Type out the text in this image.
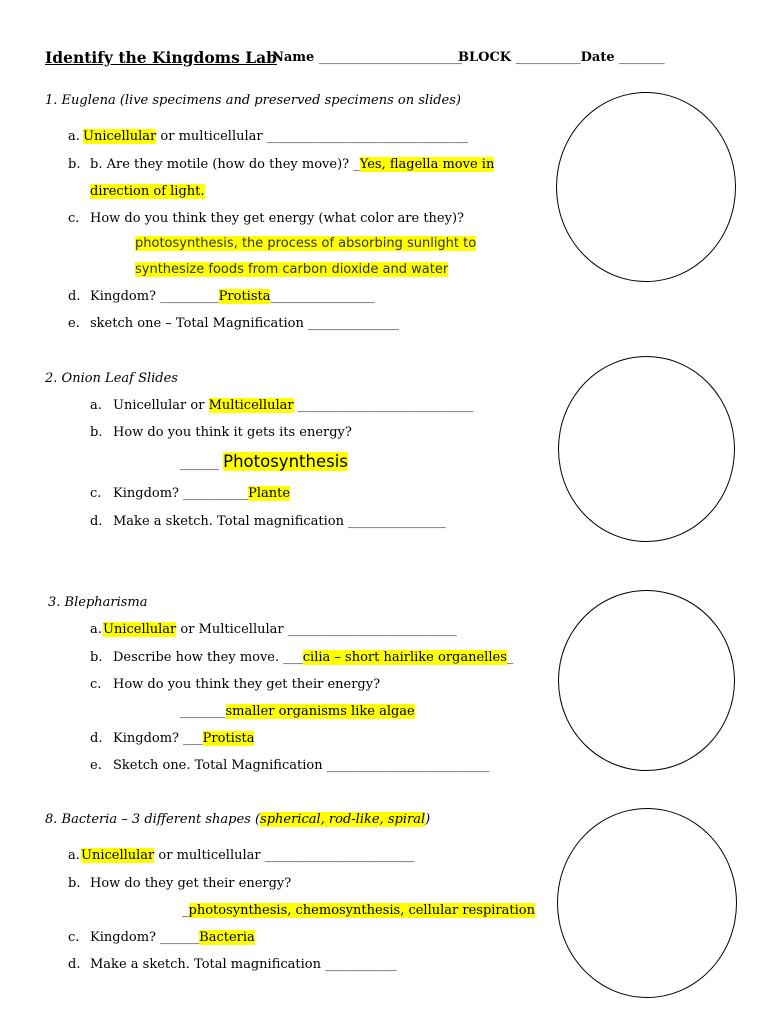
Identify the Kingdoms Lab
Name ______________________
BLOCK __________Date _______
1. Euglena (live specimens and preserved specimens on slides)
a. Unicellular or multicellular _______________________________
b. b. Are they motile (how do they move)? _Yes, flagella move in
direction of light.
c. How do you think they get energy (what color are they)?
photosynthesis, the process of absorbing sunlight to
synthesize foods from carbon dioxide and water
d. Kingdom? _________Protista________________
e. sketch one – Total Magnification ______________
2. Onion Leaf Slides
a. Unicellular or Multicellular ___________________________
b. How do you think it gets its energy?
______ Photosynthesis
c. Kingdom? __________Plante
d. Make a sketch. Total magnification _______________
3. Blepharisma
a. Unicellular or Multicellular __________________________
b. Describe how they move. ___cilia – short hairlike organelles_
c. How do you think they get their energy?
_______smaller organisms like algae
d. Kingdom? ___Protista
e. Sketch one. Total Magnification _________________________
8. Bacteria – 3 different shapes (spherical, rod-like, spiral)
a. Unicellular or multicellular _______________________
b. How do they get their energy?
_photosynthesis, chemosynthesis, cellular respiration
c. Kingdom? ______Bacteria
d. Make a sketch. Total magnification ___________
